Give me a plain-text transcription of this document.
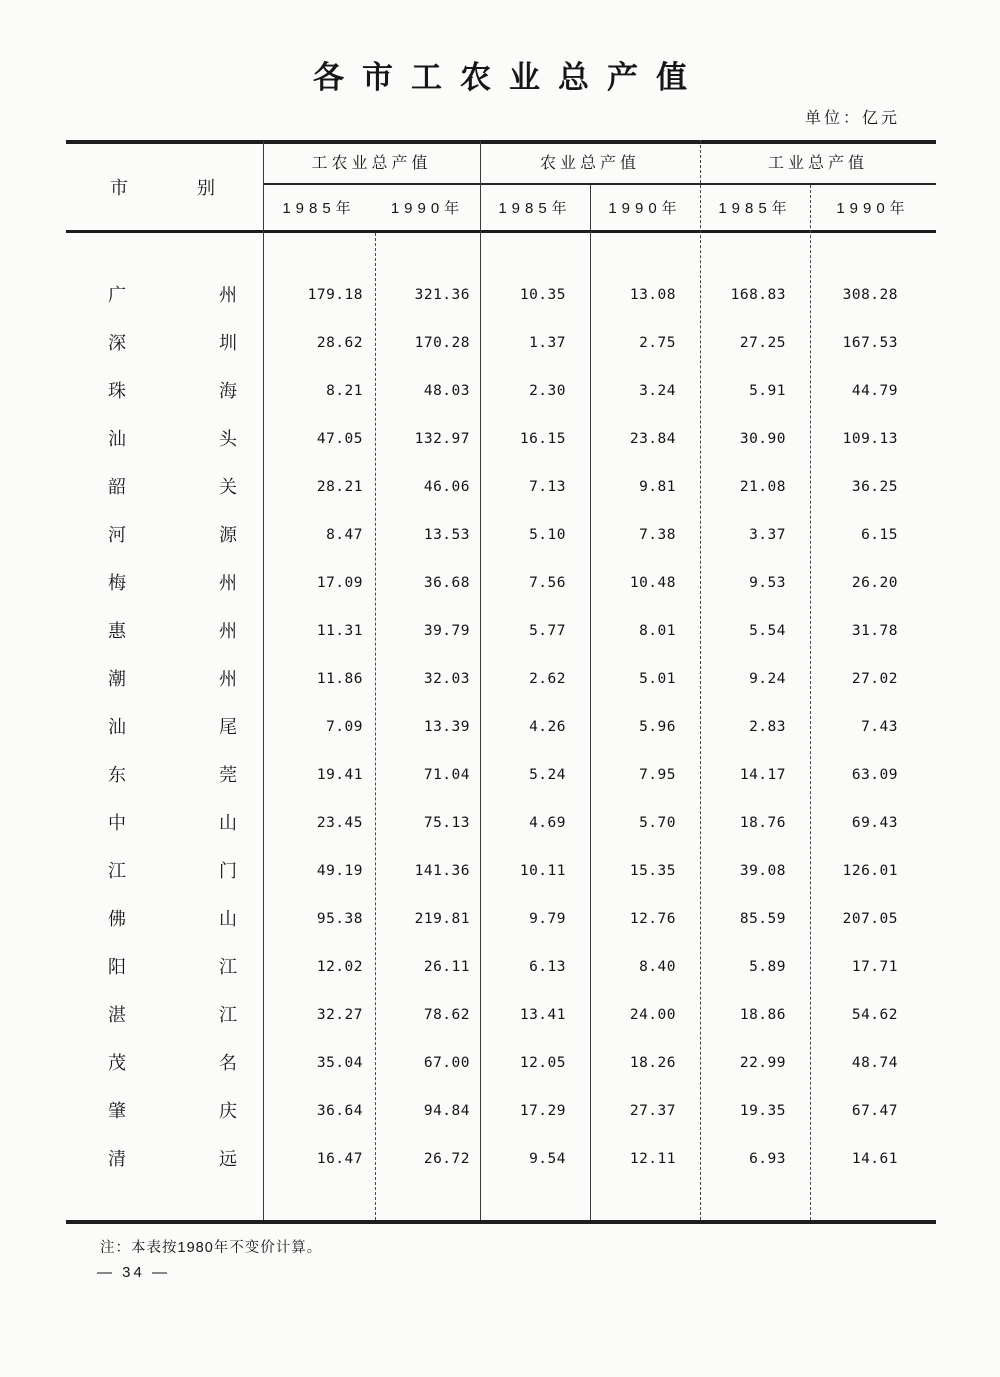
各市工农业总产值
单位：亿元
市	别
工农业总产值	农业总产值	工业总产值
1985年	1990年	1985年	1990年	1985年	1990年
广	州	179.18	321.36	10.35	13.08	168.83	308.28
深	圳	28.62	170.28	1.37	2.75	27.25	167.53
珠	海	8.21	48.03	2.30	3.24	5.91	44.79
汕	头	47.05	132.97	16.15	23.84	30.90	109.13
韶	关	28.21	46.06	7.13	9.81	21.08	36.25
河	源	8.47	13.53	5.10	7.38	3.37	6.15
梅	州	17.09	36.68	7.56	10.48	9.53	26.20
惠	州	11.31	39.79	5.77	8.01	5.54	31.78
潮	州	11.86	32.03	2.62	5.01	9.24	27.02
汕	尾	7.09	13.39	4.26	5.96	2.83	7.43
东	莞	19.41	71.04	5.24	7.95	14.17	63.09
中	山	23.45	75.13	4.69	5.70	18.76	69.43
江	门	49.19	141.36	10.11	15.35	39.08	126.01
佛	山	95.38	219.81	9.79	12.76	85.59	207.05
阳	江	12.02	26.11	6.13	8.40	5.89	17.71
湛	江	32.27	78.62	13.41	24.00	18.86	54.62
茂	名	35.04	67.00	12.05	18.26	22.99	48.74
肇	庆	36.64	94.84	17.29	27.37	19.35	67.47
清	远	16.47	26.72	9.54	12.11	6.93	14.61
注：本表按1980年不变价计算。
— 34 —
